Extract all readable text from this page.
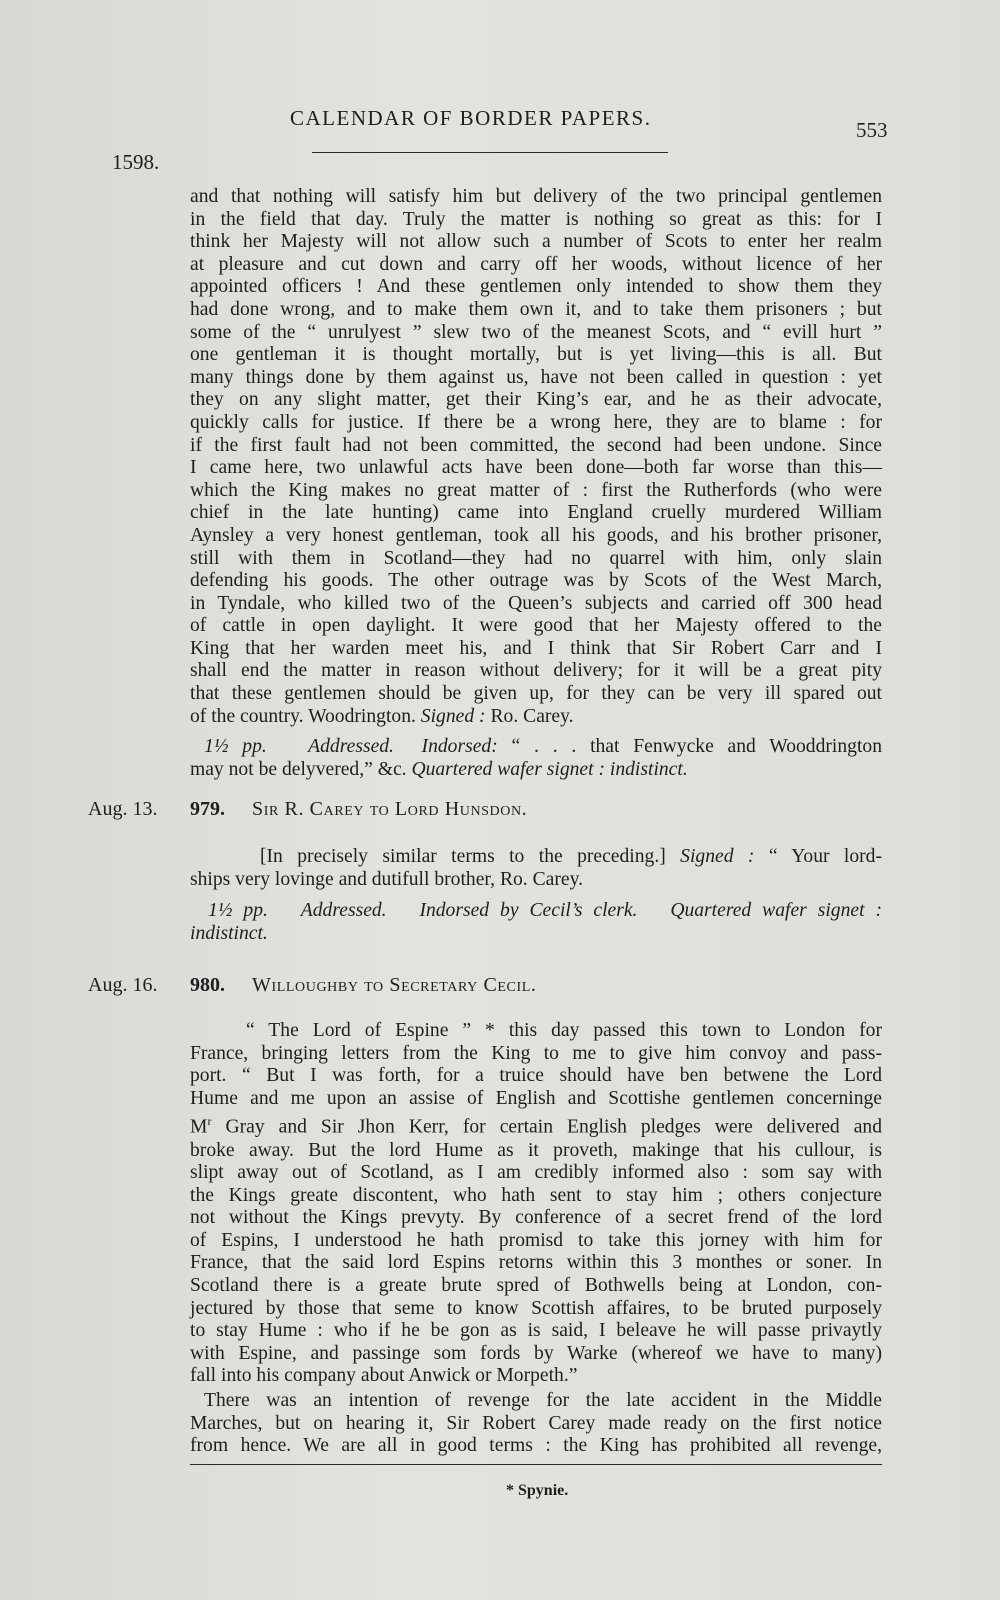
CALENDAR OF BORDER PAPERS.	553
1598.
and that nothing will satisfy him but delivery of the two principal gentlemen
in the field that day. Truly the matter is nothing so great as this: for I
think her Majesty will not allow such a number of Scots to enter her realm
at pleasure and cut down and carry off her woods, without licence of her
appointed officers ! And these gentlemen only intended to show them they
had done wrong, and to make them own it, and to take them prisoners ; but
some of the “ unrulyest ” slew two of the meanest Scots, and “ evill hurt ”
one gentleman it is thought mortally, but is yet living—this is all. But
many things done by them against us, have not been called in question : yet
they on any slight matter, get their King’s ear, and he as their advocate,
quickly calls for justice. If there be a wrong here, they are to blame : for
if the first fault had not been committed, the second had been undone. Since
I came here, two unlawful acts have been done—both far worse than this—
which the King makes no great matter of : first the Rutherfords (who were
chief in the late hunting) came into England cruelly murdered William
Aynsley a very honest gentleman, took all his goods, and his brother prisoner,
still with them in Scotland—they had no quarrel with him, only slain
defending his goods. The other outrage was by Scots of the West March,
in Tyndale, who killed two of the Queen’s subjects and carried off 300 head
of cattle in open daylight. It were good that her Majesty offered to the
King that her warden meet his, and I think that Sir Robert Carr and I
shall end the matter in reason without delivery; for it will be a great pity
that these gentlemen should be given up, for they can be very ill spared out
of the country. Woodrington. Signed : Ro. Carey.
1½ pp. Addressed. Indorsed: “ . . . that Fenwycke and Wooddrington
may not be delyvered,” &c. Quartered wafer signet : indistinct.
Aug. 13. 979. Sir R. Carey to Lord Hunsdon.
[In precisely similar terms to the preceding.] Signed : “ Your lord-
ships very lovinge and dutifull brother, Ro. Carey.
1½ pp. Addressed. Indorsed by Cecil’s clerk. Quartered wafer signet :
indistinct.
Aug. 16. 980. Willoughby to Secretary Cecil.
“ The Lord of Espine ” * this day passed this town to London for
France, bringing letters from the King to me to give him convoy and pass-
port. “ But I was forth, for a truice should have ben betwene the Lord
Hume and me upon an assise of English and Scottishe gentlemen concerninge
$M^r$ Gray and Sir Jhon Kerr, for certain English pledges were delivered and
broke away. But the lord Hume as it proveth, makinge that his cullour, is
slipt away out of Scotland, as I am credibly informed also : som say with
the Kings greate discontent, who hath sent to stay him ; others conjecture
not without the Kings prevyty. By conference of a secret frend of the lord
of Espins, I understood he hath promisd to take this jorney with him for
France, that the said lord Espins retorns within this 3 monthes or soner. In
Scotland there is a greate brute spred of Bothwells being at London, con-
jectured by those that seme to know Scottish affaires, to be bruted purposely
to stay Hume : who if he be gon as is said, I beleave he will passe privaytly
with Espine, and passinge som fords by Warke (whereof we have to many)
fall into his company about Anwick or Morpeth.”
There was an intention of revenge for the late accident in the Middle
Marches, but on hearing it, Sir Robert Carey made ready on the first notice
from hence. We are all in good terms : the King has prohibited all revenge,
* Spynie.
